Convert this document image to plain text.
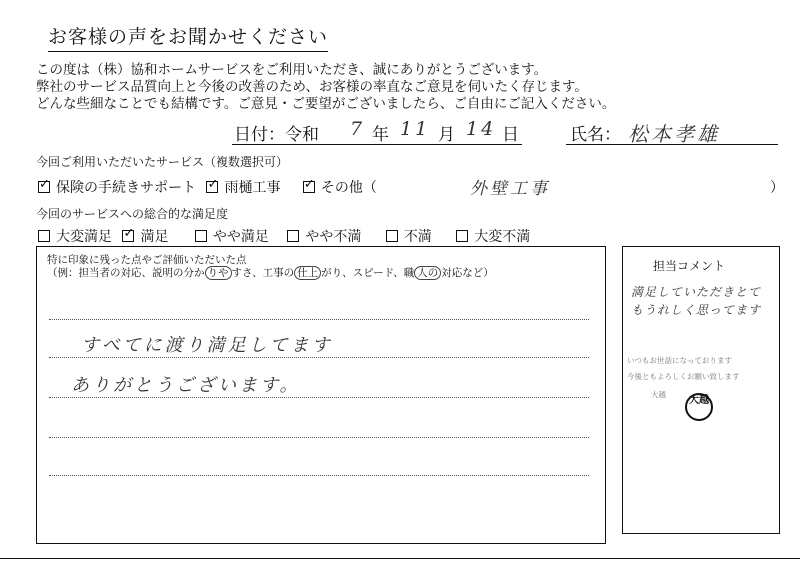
お客様の声をお聞かせください
この度は（株）協和ホームサービスをご利用いただき、誠にありがとうございます。
弊社のサービス品質向上と今後の改善のため、お客様の率直なご意見を伺いたく存じます。
どんな些細なことでも結構です。ご意見・ご要望がございましたら、ご自由にご記入ください。
日付：令和 7 年 11 月 14 日	氏名： 松本孝雄
今回ご利用いただいたサービス（複数選択可）
✓保険の手続きサポート ✓ 雨樋工事 ✓	その他（	外壁工事	）
今回のサービスへの総合的な満足度
大変満足 ✓ 満足	やや満足	やや不満	不満	大変不満
特に印象に残った点やご評価いただいた点
（例：担当者の対応、説明の分か りや すさ、工事の 仕上 がり、スピード、職 人の 対応など）
すべてに渡り満足してます
ありがとうございます。
担当コメント
満足していただきとて
もうれしく思ってます
いつもお世話になっております
今後ともよろしくお願い致します
大越
大越
